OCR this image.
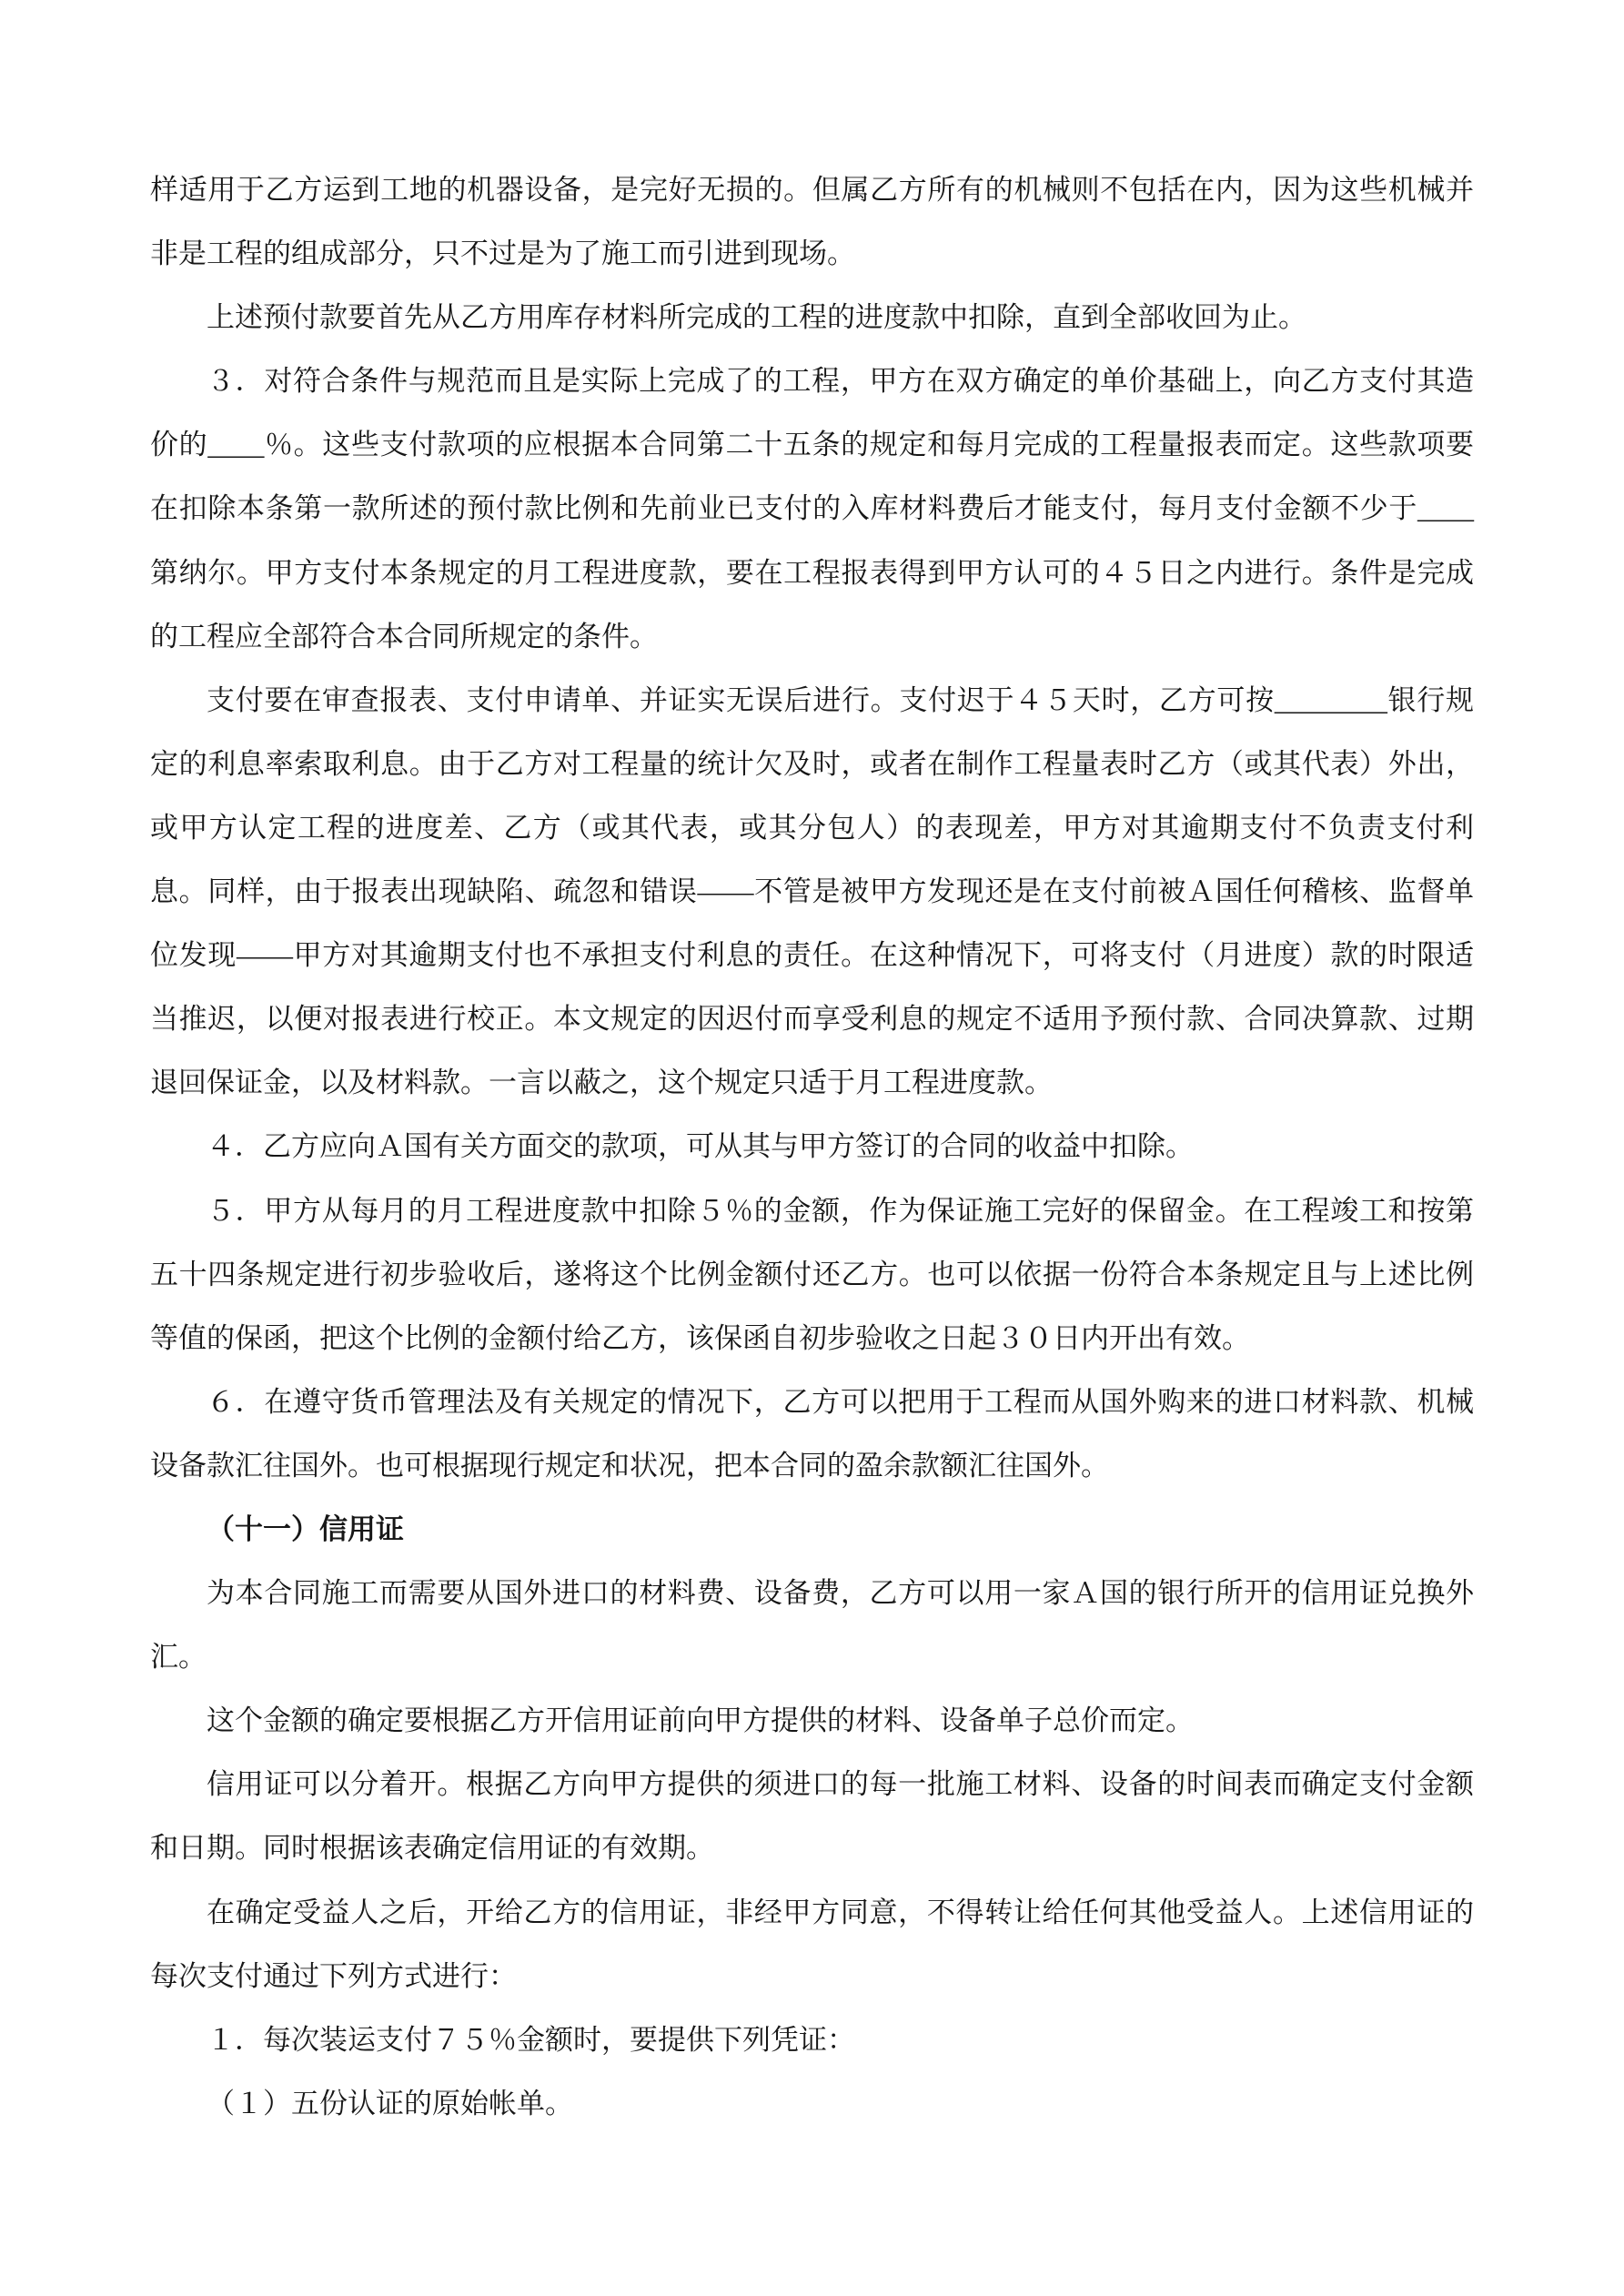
样适用于乙方运到工地的机器设备，是完好无损的。但属乙方所有的机械则不包括在内，因为这些机械并非是工程的组成部分，只不过是为了施工而引进到现场。

上述预付款要首先从乙方用库存材料所完成的工程的进度款中扣除，直到全部收回为止。

３．对符合条件与规范而且是实际上完成了的工程，甲方在双方确定的单价基础上，向乙方支付其造价的____％。这些支付款项的应根据本合同第二十五条的规定和每月完成的工程量报表而定。这些款项要在扣除本条第一款所述的预付款比例和先前业已支付的入库材料费后才能支付，每月支付金额不少于____第纳尔。甲方支付本条规定的月工程进度款，要在工程报表得到甲方认可的４５日之内进行。条件是完成的工程应全部符合本合同所规定的条件。

支付要在审查报表、支付申请单、并证实无误后进行。支付迟于４５天时，乙方可按________银行规定的利息率索取利息。由于乙方对工程量的统计欠及时，或者在制作工程量表时乙方（或其代表）外出，或甲方认定工程的进度差、乙方（或其代表，或其分包人）的表现差，甲方对其逾期支付不负责支付利息。同样，由于报表出现缺陷、疏忽和错误——不管是被甲方发现还是在支付前被Ａ国任何稽核、监督单位发现——甲方对其逾期支付也不承担支付利息的责任。在这种情况下，可将支付（月进度）款的时限适当推迟，以便对报表进行校正。本文规定的因迟付而享受利息的规定不适用予预付款、合同决算款、过期退回保证金，以及材料款。一言以蔽之，这个规定只适于月工程进度款。

４．乙方应向Ａ国有关方面交的款项，可从其与甲方签订的合同的收益中扣除。

５．甲方从每月的月工程进度款中扣除５％的金额，作为保证施工完好的保留金。在工程竣工和按第五十四条规定进行初步验收后，遂将这个比例金额付还乙方。也可以依据一份符合本条规定且与上述比例等值的保函，把这个比例的金额付给乙方，该保函自初步验收之日起３０日内开出有效。

６．在遵守货币管理法及有关规定的情况下，乙方可以把用于工程而从国外购来的进口材料款、机械设备款汇往国外。也可根据现行规定和状况，把本合同的盈余款额汇往国外。

（十一）信用证

为本合同施工而需要从国外进口的材料费、设备费，乙方可以用一家Ａ国的银行所开的信用证兑换外汇。

这个金额的确定要根据乙方开信用证前向甲方提供的材料、设备单子总价而定。

信用证可以分着开。根据乙方向甲方提供的须进口的每一批施工材料、设备的时间表而确定支付金额和日期。同时根据该表确定信用证的有效期。

在确定受益人之后，开给乙方的信用证，非经甲方同意，不得转让给任何其他受益人。上述信用证的每次支付通过下列方式进行：

１．每次装运支付７５％金额时，要提供下列凭证：

（１）五份认证的原始帐单。
